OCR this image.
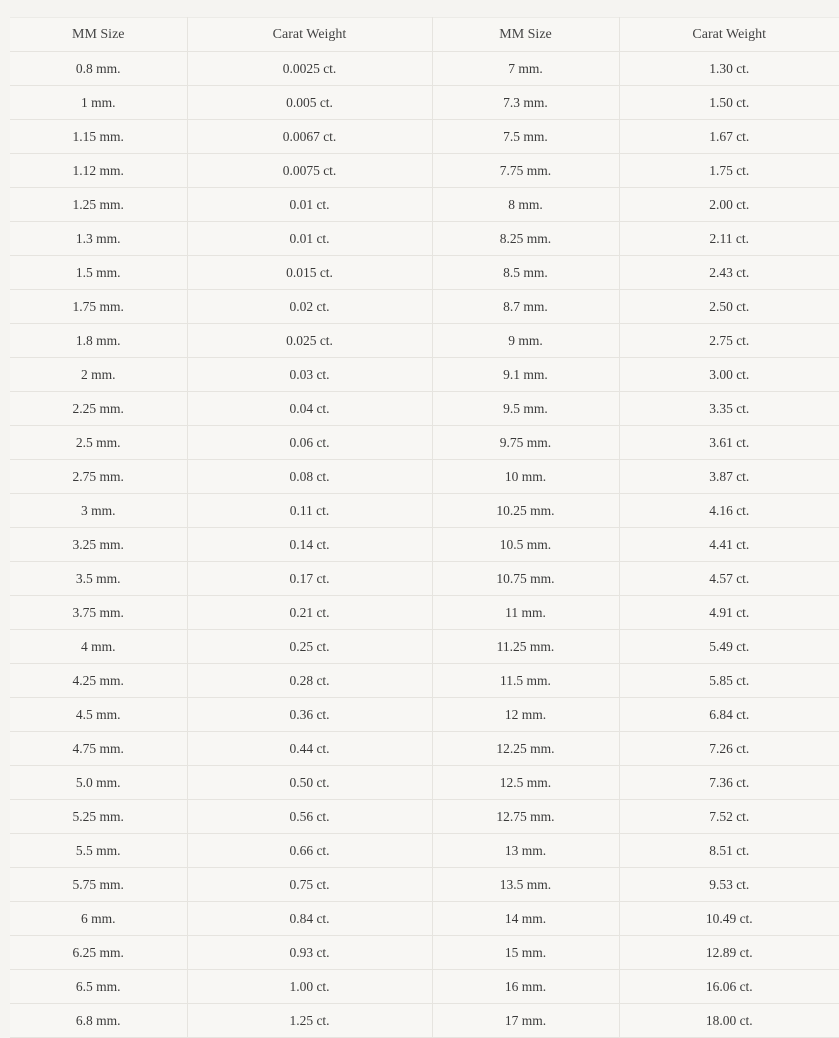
MM Size	Carat Weight	MM Size	Carat Weight
0.8 mm.	0.0025 ct.	7 mm.	1.30 ct.
1 mm.	0.005 ct.	7.3 mm.	1.50 ct.
1.15 mm.	0.0067 ct.	7.5 mm.	1.67 ct.
1.12 mm.	0.0075 ct.	7.75 mm.	1.75 ct.
1.25 mm.	0.01 ct.	8 mm.	2.00 ct.
1.3 mm.	0.01 ct.	8.25 mm.	2.11 ct.
1.5 mm.	0.015 ct.	8.5 mm.	2.43 ct.
1.75 mm.	0.02 ct.	8.7 mm.	2.50 ct.
1.8 mm.	0.025 ct.	9 mm.	2.75 ct.
2 mm.	0.03 ct.	9.1 mm.	3.00 ct.
2.25 mm.	0.04 ct.	9.5 mm.	3.35 ct.
2.5 mm.	0.06 ct.	9.75 mm.	3.61 ct.
2.75 mm.	0.08 ct.	10 mm.	3.87 ct.
3 mm.	0.11 ct.	10.25 mm.	4.16 ct.
3.25 mm.	0.14 ct.	10.5 mm.	4.41 ct.
3.5 mm.	0.17 ct.	10.75 mm.	4.57 ct.
3.75 mm.	0.21 ct.	11 mm.	4.91 ct.
4 mm.	0.25 ct.	11.25 mm.	5.49 ct.
4.25 mm.	0.28 ct.	11.5 mm.	5.85 ct.
4.5 mm.	0.36 ct.	12 mm.	6.84 ct.
4.75 mm.	0.44 ct.	12.25 mm.	7.26 ct.
5.0 mm.	0.50 ct.	12.5 mm.	7.36 ct.
5.25 mm.	0.56 ct.	12.75 mm.	7.52 ct.
5.5 mm.	0.66 ct.	13 mm.	8.51 ct.
5.75 mm.	0.75 ct.	13.5 mm.	9.53 ct.
6 mm.	0.84 ct.	14 mm.	10.49 ct.
6.25 mm.	0.93 ct.	15 mm.	12.89 ct.
6.5 mm.	1.00 ct.	16 mm.	16.06 ct.
6.8 mm.	1.25 ct.	17 mm.	18.00 ct.
